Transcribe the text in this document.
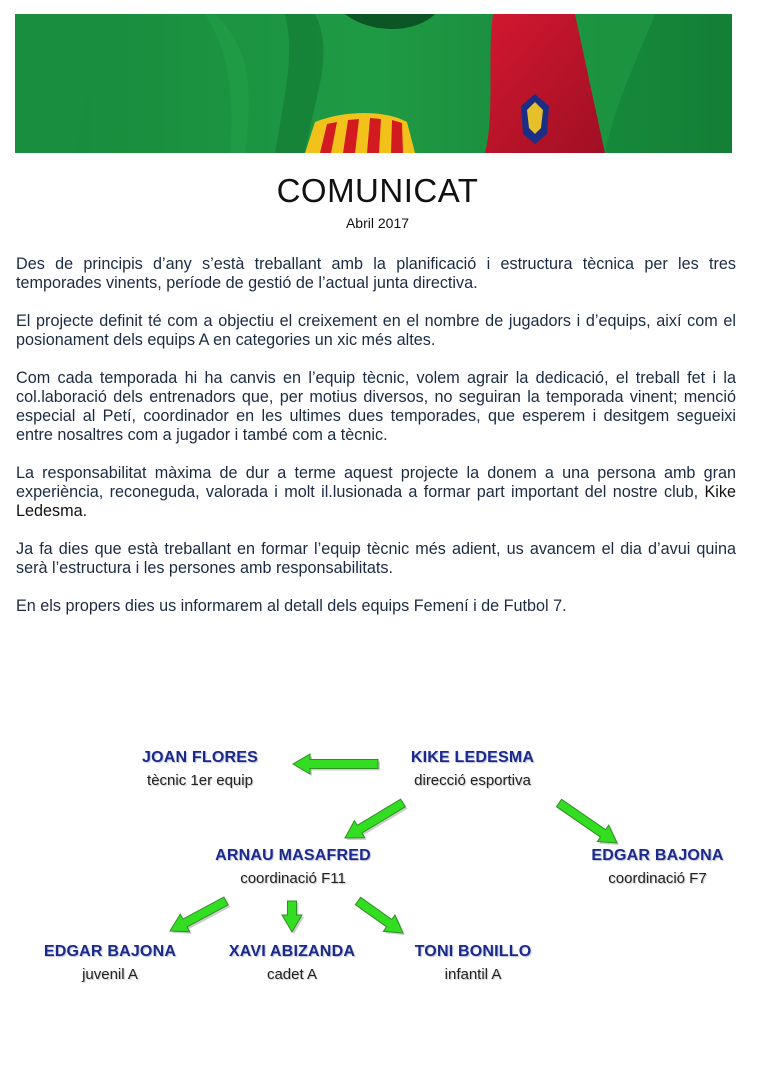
COMUNICAT
Abril 2017

Des de principis d’any s’està treballant amb la planificació i estructura tècnica per les tres temporades vinents, període de gestió de l’actual junta directiva.

El projecte definit té com a objectiu el creixement en el nombre de jugadors i d’equips, així com el posionament dels equips A en categories un xic més altes.

Com cada temporada hi ha canvis en l’equip tècnic, volem agrair la dedicació, el treball fet i la col.laboració dels entrenadors que, per motius diversos, no seguiran la temporada vinent; menció especial al Petí, coordinador en les ultimes dues temporades, que esperem i desitgem segueixi entre nosaltres com a jugador i també com a tècnic.

La responsabilitat màxima de dur a terme aquest projecte la donem a una persona amb gran experiència, reconeguda, valorada i molt il.lusionada a formar part important del nostre club, Kike Ledesma.

Ja fa dies que està treballant en formar l’equip tècnic més adient, us avancem el dia d’avui quina serà l’estructura i les persones amb responsabilitats.

En els propers dies us informarem al detall dels equips Femení i de Futbol 7.

KIKE LEDESMA
direcció esportiva
JOAN FLORES
tècnic 1er equip
ARNAU MASAFRED
coordinació F11
EDGAR BAJONA
coordinació F7
EDGAR BAJONA
juvenil A
XAVI ABIZANDA
cadet A
TONI BONILLO
infantil A
